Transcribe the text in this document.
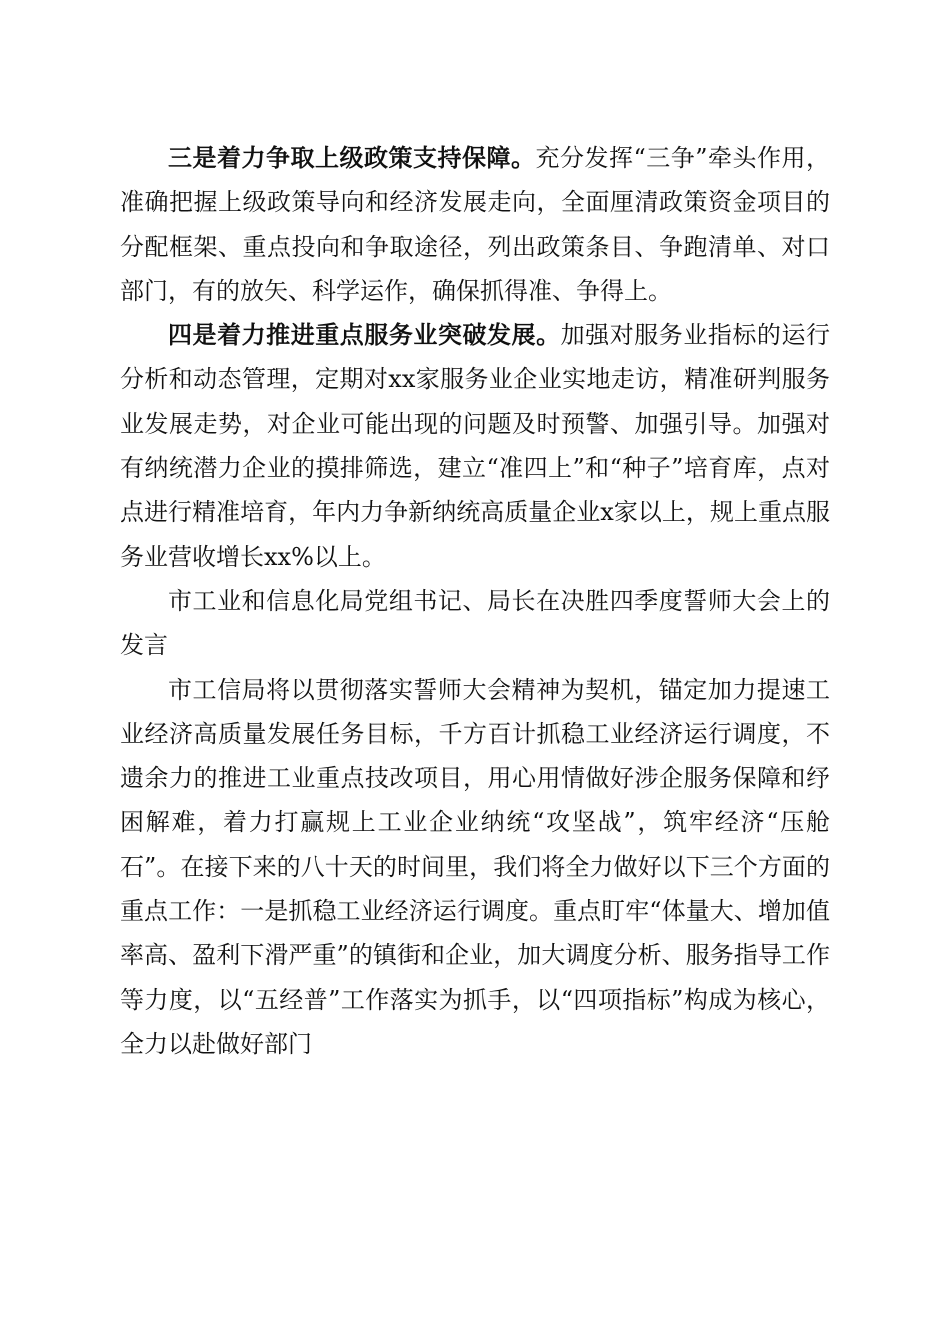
三是着力争取上级政策支持保障。充分发挥“三争”牵头作用，准确把握上级政策导向和经济发展走向，全面厘清政策资金项目的分配框架、重点投向和争取途径，列出政策条目、争跑清单、对口部门，有的放矢、科学运作，确保抓得准、争得上。

四是着力推进重点服务业突破发展。加强对服务业指标的运行分析和动态管理，定期对xx家服务业企业实地走访，精准研判服务业发展走势，对企业可能出现的问题及时预警、加强引导。加强对有纳统潜力企业的摸排筛选，建立“准四上”和“种子”培育库，点对点进行精准培育，年内力争新纳统高质量企业x家以上，规上重点服务业营收增长xx%以上。

市工业和信息化局党组书记、局长在决胜四季度誓师大会上的发言

市工信局将以贯彻落实誓师大会精神为契机，锚定加力提速工业经济高质量发展任务目标，千方百计抓稳工业经济运行调度，不遗余力的推进工业重点技改项目，用心用情做好涉企服务保障和纾困解难，着力打赢规上工业企业纳统“攻坚战”，筑牢经济“压舱石”。在接下来的八十天的时间里，我们将全力做好以下三个方面的重点工作：一是抓稳工业经济运行调度。重点盯牢“体量大、增加值率高、盈利下滑严重”的镇街和企业，加大调度分析、服务指导工作等力度，以“五经普”工作落实为抓手，以“四项指标”构成为核心，全力以赴做好部门
